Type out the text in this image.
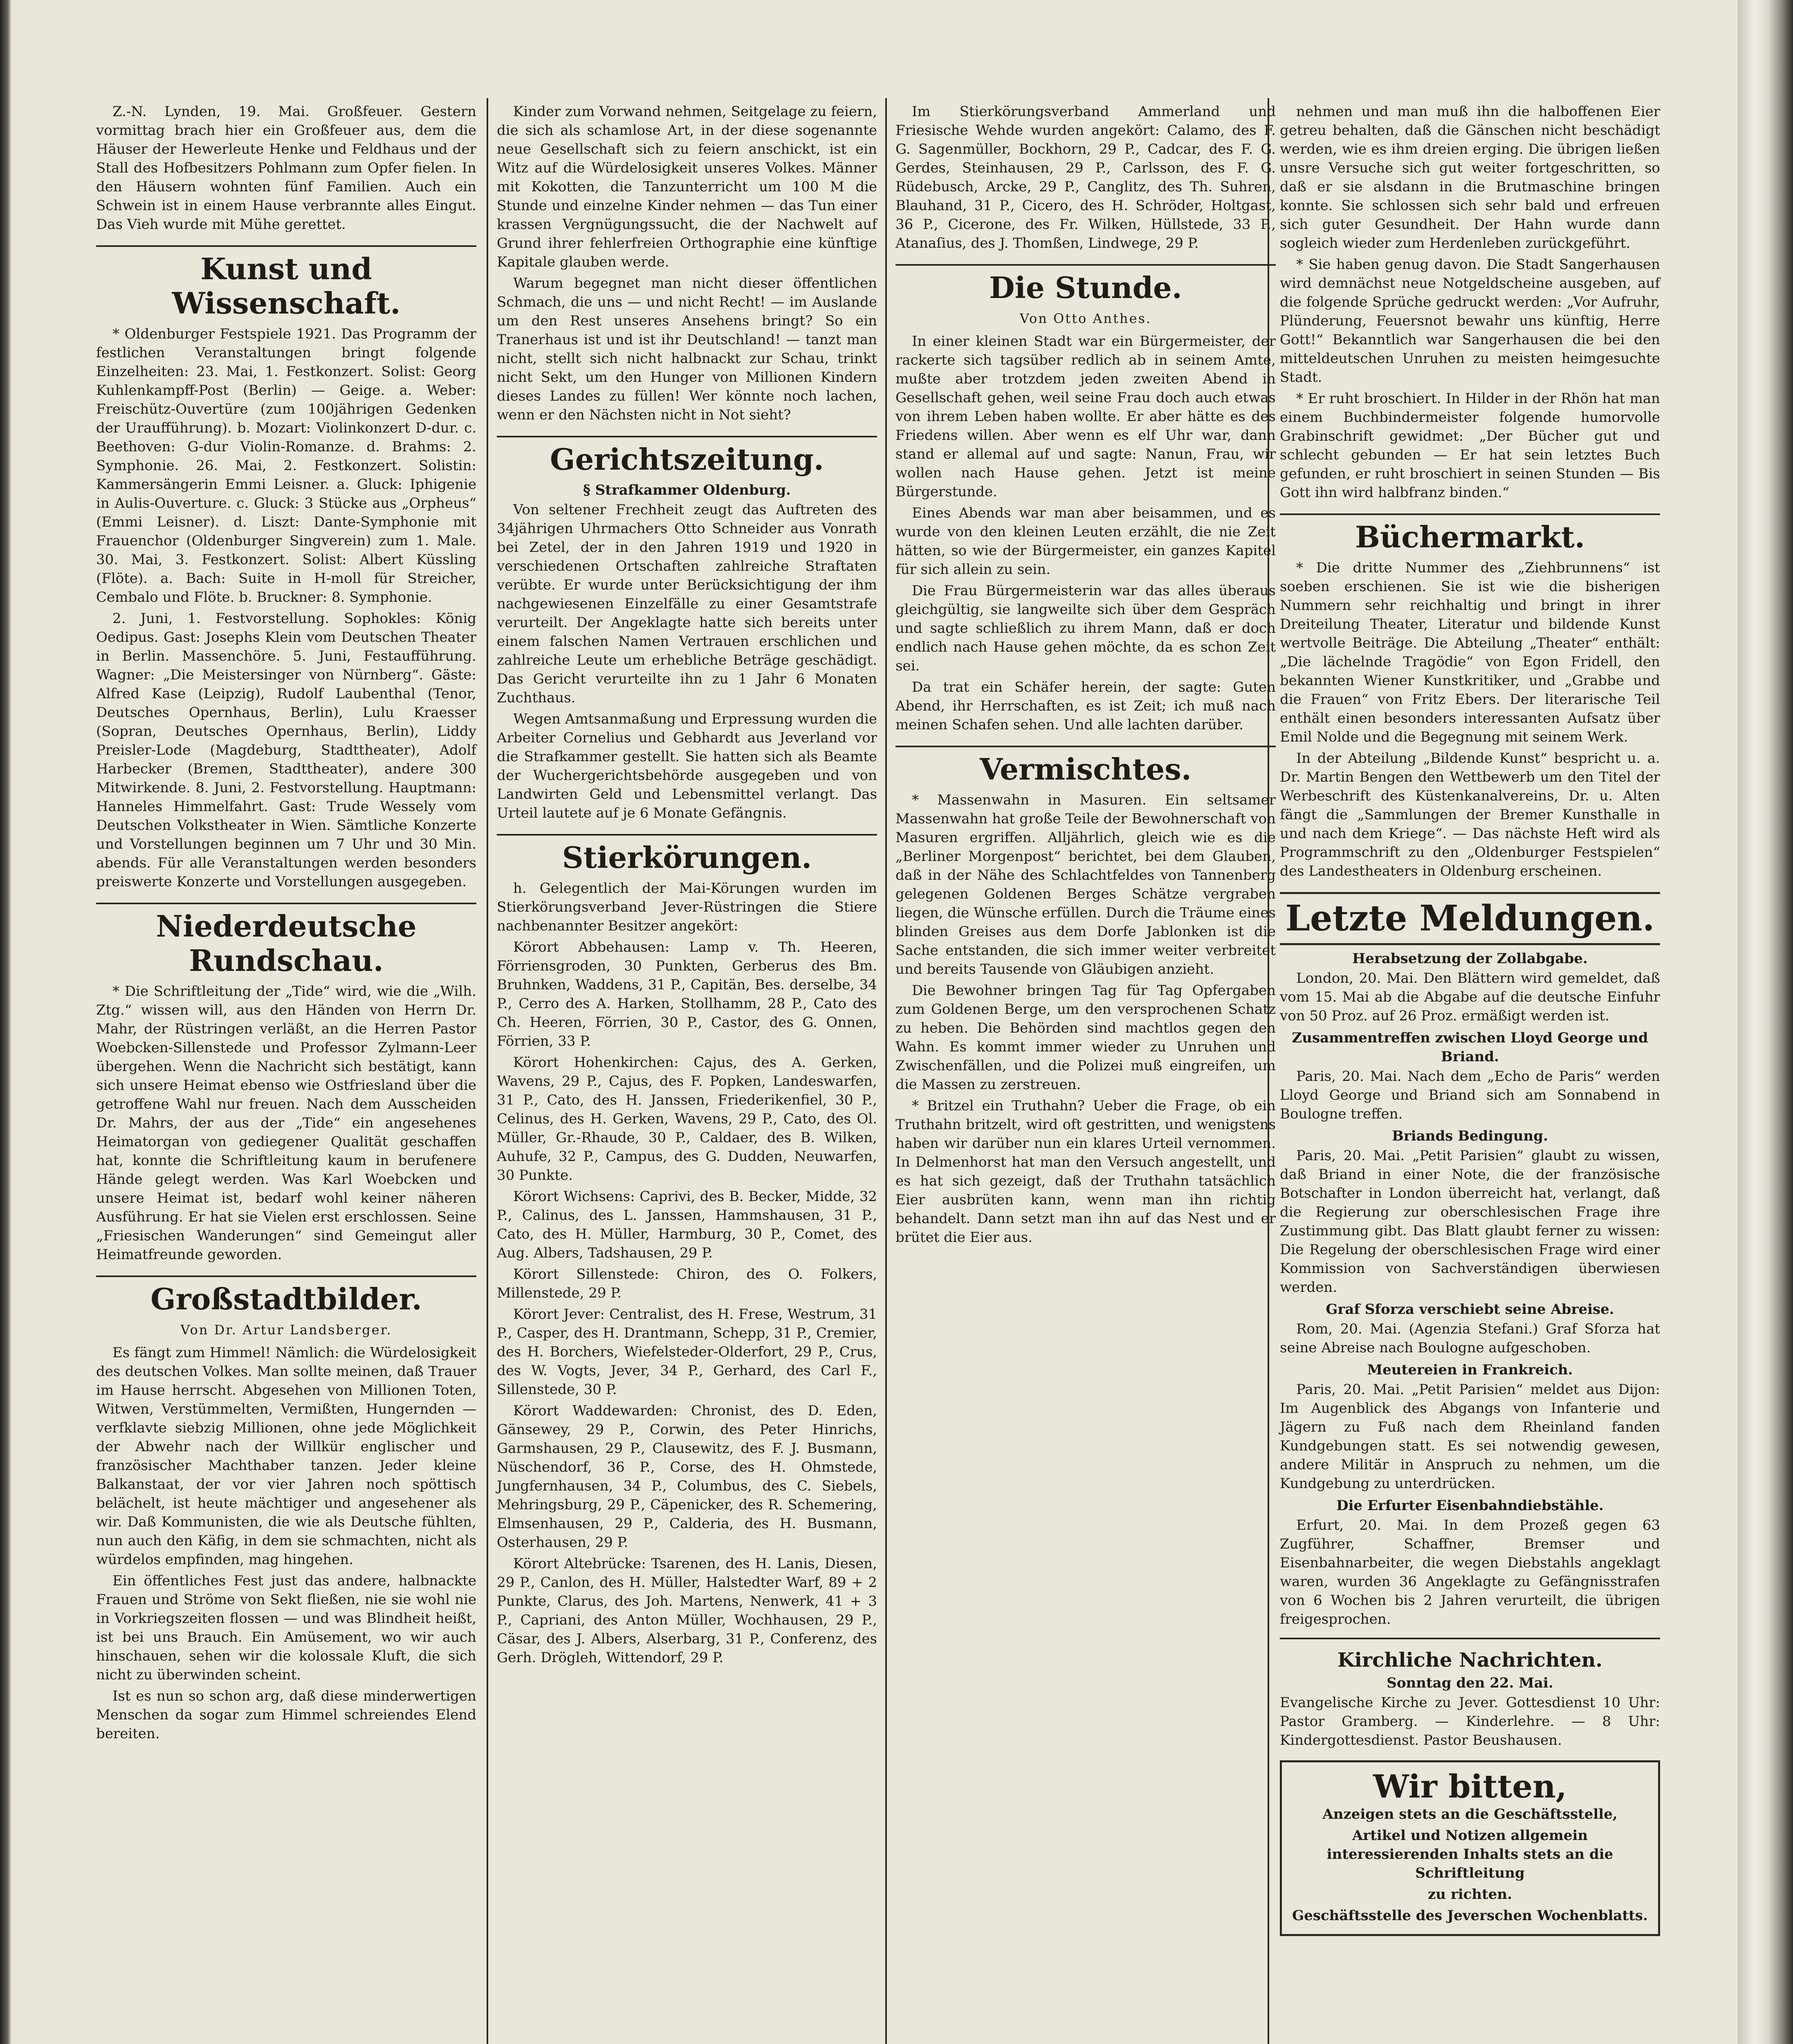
Z.-N. Lynden, 19. Mai. Großfeuer. Gestern vormittag brach hier ein Großfeuer aus, dem die Häuser der Hewerleute Henke und Feldhaus und der Stall des Hofbesitzers Pohlmann zum Opfer fielen. In den Häusern wohnten fünf Familien. Auch ein Schwein ist in einem Hause verbrannte alles Eingut. Das Vieh wurde mit Mühe gerettet.

Kunst und Wissenschaft.

* Oldenburger Festspiele 1921. Das Programm der festlichen Veranstaltungen bringt folgende Einzelheiten: 23. Mai, 1. Festkonzert. Solist: Georg Kuhlenkampff-Post (Berlin) — Geige. a. Weber: Freischütz-Ouvertüre (zum 100jährigen Gedenken der Uraufführung). b. Mozart: Violinkonzert D-dur. c. Beethoven: G-dur Violin-Romanze. d. Brahms: 2. Symphonie. 26. Mai, 2. Festkonzert. Solistin: Kammersängerin Emmi Leisner. a. Gluck: Iphigenie in Aulis-Ouverture. c. Gluck: 3 Stücke aus „Orpheus“ (Emmi Leisner). d. Liszt: Dante-Symphonie mit Frauenchor (Oldenburger Singverein) zum 1. Male. 30. Mai, 3. Festkonzert. Solist: Albert Küssling (Flöte). a. Bach: Suite in H-moll für Streicher, Cembalo und Flöte. b. Bruckner: 8. Symphonie.

2. Juni, 1. Festvorstellung. Sophokles: König Oedipus. Gast: Josephs Klein vom Deutschen Theater in Berlin. Massenchöre. 5. Juni, Festaufführung. Wagner: „Die Meistersinger von Nürnberg“. Gäste: Alfred Kase (Leipzig), Rudolf Laubenthal (Tenor, Deutsches Opernhaus, Berlin), Lulu Kraesser (Sopran, Deutsches Opernhaus, Berlin), Liddy Preisler-Lode (Magdeburg, Stadttheater), Adolf Harbecker (Bremen, Stadttheater), andere 300 Mitwirkende. 8. Juni, 2. Festvorstellung. Hauptmann: Hanneles Himmelfahrt. Gast: Trude Wessely vom Deutschen Volkstheater in Wien. Sämtliche Konzerte und Vorstellungen beginnen um 7 Uhr und 30 Min. abends. Für alle Veranstaltungen werden besonders preiswerte Konzerte und Vorstellungen ausgegeben.

Niederdeutsche Rundschau.

* Die Schriftleitung der „Tide“ wird, wie die „Wilh. Ztg.“ wissen will, aus den Händen von Herrn Dr. Mahr, der Rüstringen verläßt, an die Herren Pastor Woebcken-Sillenstede und Professor Zylmann-Leer übergehen. Wenn die Nachricht sich bestätigt, kann sich unsere Heimat ebenso wie Ostfriesland über die getroffene Wahl nur freuen. Nach dem Ausscheiden Dr. Mahrs, der aus der „Tide“ ein angesehenes Heimatorgan von gediegener Qualität geschaffen hat, konnte die Schriftleitung kaum in berufenere Hände gelegt werden. Was Karl Woebcken und unsere Heimat ist, bedarf wohl keiner näheren Ausführung. Er hat sie Vielen erst erschlossen. Seine „Friesischen Wanderungen“ sind Gemeingut aller Heimatfreunde geworden.

Großstadtbilder.
Von Dr. Artur Landsberger.

Es fängt zum Himmel! Nämlich: die Würdelosigkeit des deutschen Volkes. Man sollte meinen, daß Trauer im Hause herrscht. Abgesehen von Millionen Toten, Witwen, Verstümmelten, Vermißten, Hungernden — verfklavte siebzig Millionen, ohne jede Möglichkeit der Abwehr nach der Willkür englischer und französischer Machthaber tanzen. Jeder kleine Balkanstaat, der vor vier Jahren noch spöttisch belächelt, ist heute mächtiger und angesehener als wir. Daß Kommunisten, die wie als Deutsche fühlten, nun auch den Käfig, in dem sie schmachten, nicht als würdelos empfinden, mag hingehen.

Ein öffentliches Fest just das andere, halbnackte Frauen und Ströme von Sekt fließen, nie sie wohl nie in Vorkriegszeiten flossen — und was Blindheit heißt, ist bei uns Brauch. Ein Amüsement, wo wir auch hinschauen, sehen wir die kolossale Kluft, die sich nicht zu überwinden scheint.

Ist es nun so schon arg, daß diese minderwertigen Menschen da sogar zum Himmel schreiendes Elend bereiten.

Kinder zum Vorwand nehmen, Seitgelage zu feiern, die sich als schamlose Art, in der diese sogenannte neue Gesellschaft sich zu feiern anschickt, ist ein Witz auf die Würdelosigkeit unseres Volkes. Männer mit Kokotten, die Tanzunterricht um 100 M die Stunde und einzelne Kinder nehmen — das Tun einer krassen Vergnügungssucht, die der Nachwelt auf Grund ihrer fehlerfreien Orthographie eine künftige Kapitale glauben werde.

Warum begegnet man nicht dieser öffentlichen Schmach, die uns — und nicht Recht! — im Auslande um den Rest unseres Ansehens bringt? So ein Tranerhaus ist und ist ihr Deutschland! — tanzt man nicht, stellt sich nicht halbnackt zur Schau, trinkt nicht Sekt, um den Hunger von Millionen Kindern dieses Landes zu füllen! Wer könnte noch lachen, wenn er den Nächsten nicht in Not sieht?

Gerichtszeitung.
§ Strafkammer Oldenburg.

Von seltener Frechheit zeugt das Auftreten des 34jährigen Uhrmachers Otto Schneider aus Vonrath bei Zetel, der in den Jahren 1919 und 1920 in verschiedenen Ortschaften zahlreiche Straftaten verübte. Er wurde unter Berücksichtigung der ihm nachgewiesenen Einzelfälle zu einer Gesamtstrafe verurteilt. Der Angeklagte hatte sich bereits unter einem falschen Namen Vertrauen erschlichen und zahlreiche Leute um erhebliche Beträge geschädigt. Das Gericht verurteilte ihn zu 1 Jahr 6 Monaten Zuchthaus.

Wegen Amtsanmaßung und Erpressung wurden die Arbeiter Cornelius und Gebhardt aus Jeverland vor die Strafkammer gestellt. Sie hatten sich als Beamte der Wuchergerichtsbehörde ausgegeben und von Landwirten Geld und Lebensmittel verlangt. Das Urteil lautete auf je 6 Monate Gefängnis.

Stierkörungen.

h. Gelegentlich der Mai-Körungen wurden im Stierkörungsverband Jever-Rüstringen die Stiere nachbenannter Besitzer angekört:

Körort Abbehausen: Lamp v. Th. Heeren, Förriensgroden, 30 Punkten, Gerberus des Bm. Bruhnken, Waddens, 31 P., Capitän, Bes. derselbe, 34 P., Cerro des A. Harken, Stollhamm, 28 P., Cato des Ch. Heeren, Förrien, 30 P., Castor, des G. Onnen, Förrien, 33 P.

Körort Hohenkirchen: Cajus, des A. Gerken, Wavens, 29 P., Cajus, des F. Popken, Landeswarfen, 31 P., Cato, des H. Janssen, Friederikenfiel, 30 P., Celinus, des H. Gerken, Wavens, 29 P., Cato, des Ol. Müller, Gr.-Rhaude, 30 P., Caldaer, des B. Wilken, Auhufe, 32 P., Campus, des G. Dudden, Neuwarfen, 30 Punkte.

Körort Wichsens: Caprivi, des B. Becker, Midde, 32 P., Calinus, des L. Janssen, Hammshausen, 31 P., Cato, des H. Müller, Harmburg, 30 P., Comet, des Aug. Albers, Tadshausen, 29 P.

Körort Sillenstede: Chiron, des O. Folkers, Millenstede, 29 P.

Körort Jever: Centralist, des H. Frese, Westrum, 31 P., Casper, des H. Drantmann, Schepp, 31 P., Cremier, des H. Borchers, Wiefelsteder-Olderfort, 29 P., Crus, des W. Vogts, Jever, 34 P., Gerhard, des Carl F., Sillenstede, 30 P.

Körort Waddewarden: Chronist, des D. Eden, Gänsewey, 29 P., Corwin, des Peter Hinrichs, Garmshausen, 29 P., Clausewitz, des F. J. Busmann, Nüschendorf, 36 P., Corse, des H. Ohmstede, Jungfernhausen, 34 P., Columbus, des C. Siebels, Mehringsburg, 29 P., Cäpenicker, des R. Schemering, Elmsenhausen, 29 P., Calderia, des H. Busmann, Osterhausen, 29 P.

Körort Altebrücke: Tsarenen, des H. Lanis, Diesen, 29 P., Canlon, des H. Müller, Halstedter Warf, 89 + 2 Punkte, Clarus, des Joh. Martens, Nenwerk, 41 + 3 P., Capriani, des Anton Müller, Wochhausen, 29 P., Cäsar, des J. Albers, Alserbarg, 31 P., Conferenz, des Gerh. Drögleh, Wittendorf, 29 P.

Im Stierkörungsverband Ammerland und Friesische Wehde wurden angekört: Calamo, des F. G. Sagenmüller, Bockhorn, 29 P., Cadcar, des F. G. Gerdes, Steinhausen, 29 P., Carlsson, des F. G. Rüdebusch, Arcke, 29 P., Canglitz, des Th. Suhren, Blauhand, 31 P., Cicero, des H. Schröder, Holtgast, 36 P., Cicerone, des Fr. Wilken, Hüllstede, 33 P., Atanaſius, des J. Thomßen, Lindwege, 29 P.

Die Stunde.
Von Otto Anthes.

In einer kleinen Stadt war ein Bürgermeister, der rackerte sich tagsüber redlich ab in seinem Amte, mußte aber trotzdem jeden zweiten Abend in Gesellschaft gehen, weil seine Frau doch auch etwas von ihrem Leben haben wollte. Er aber hätte es des Friedens willen. Aber wenn es elf Uhr war, dann stand er allemal auf und sagte: Nanun, Frau, wir wollen nach Hause gehen. Jetzt ist meine Bürgerstunde.

Eines Abends war man aber beisammen, und es wurde von den kleinen Leuten erzählt, die nie Zeit hätten, so wie der Bürgermeister, ein ganzes Kapitel für sich allein zu sein.

Die Frau Bürgermeisterin war das alles überaus gleichgültig, sie langweilte sich über dem Gespräch und sagte schließlich zu ihrem Mann, daß er doch endlich nach Hause gehen möchte, da es schon Zeit sei.

Da trat ein Schäfer herein, der sagte: Guten Abend, ihr Herrschaften, es ist Zeit; ich muß nach meinen Schafen sehen. Und alle lachten darüber.

Vermischtes.

* Massenwahn in Masuren. Ein seltsamer Massenwahn hat große Teile der Bewohnerschaft von Masuren ergriffen. Alljährlich, gleich wie es die „Berliner Morgenpost“ berichtet, bei dem Glauben, daß in der Nähe des Schlachtfeldes von Tannenberg gelegenen Goldenen Berges Schätze vergraben liegen, die Wünsche erfüllen. Durch die Träume eines blinden Greises aus dem Dorfe Jablonken ist die Sache entstanden, die sich immer weiter verbreitet und bereits Tausende von Gläubigen anzieht.

Die Bewohner bringen Tag für Tag Opfergaben zum Goldenen Berge, um den versprochenen Schatz zu heben. Die Behörden sind machtlos gegen den Wahn. Es kommt immer wieder zu Unruhen und Zwischenfällen, und die Polizei muß eingreifen, um die Massen zu zerstreuen.

* Britzel ein Truthahn? Ueber die Frage, ob ein Truthahn britzelt, wird oft gestritten, und wenigstens haben wir darüber nun ein klares Urteil vernommen. In Delmenhorst hat man den Versuch angestellt, und es hat sich gezeigt, daß der Truthahn tatsächlich Eier ausbrüten kann, wenn man ihn richtig behandelt. Dann setzt man ihn auf das Nest und er brütet die Eier aus.

nehmen und man muß ihn die halboffenen Eier getreu behalten, daß die Gänschen nicht beschädigt werden, wie es ihm dreien erging. Die übrigen ließen unsre Versuche sich gut weiter fortgeschritten, so daß er sie alsdann in die Brutmaschine bringen konnte. Sie schlossen sich sehr bald und erfreuen sich guter Gesundheit. Der Hahn wurde dann sogleich wieder zum Herdenleben zurückgeführt.

* Sie haben genug davon. Die Stadt Sangerhausen wird demnächst neue Notgeldscheine ausgeben, auf die folgende Sprüche gedruckt werden: „Vor Aufruhr, Plünderung, Feuersnot bewahr uns künftig, Herre Gott!“ Bekanntlich war Sangerhausen die bei den mitteldeutschen Unruhen zu meisten heimgesuchte Stadt.

* Er ruht broschiert. In Hilder in der Rhön hat man einem Buchbindermeister folgende humorvolle Grabinschrift gewidmet: „Der Bücher gut und schlecht gebunden — Er hat sein letztes Buch gefunden, er ruht broschiert in seinen Stunden — Bis Gott ihn wird halbfranz binden.“

Büchermarkt.

* Die dritte Nummer des „Ziehbrunnens“ ist soeben erschienen. Sie ist wie die bisherigen Nummern sehr reichhaltig und bringt in ihrer Dreiteilung Theater, Literatur und bildende Kunst wertvolle Beiträge. Die Abteilung „Theater“ enthält: „Die lächelnde Tragödie“ von Egon Fridell, den bekannten Wiener Kunstkritiker, und „Grabbe und die Frauen“ von Fritz Ebers. Der literarische Teil enthält einen besonders interessanten Aufsatz über Emil Nolde und die Begegnung mit seinem Werk.

In der Abteilung „Bildende Kunst“ bespricht u. a. Dr. Martin Bengen den Wettbewerb um den Titel der Werbeschrift des Küstenkanalvereins, Dr. u. Alten fängt die „Sammlungen der Bremer Kunsthalle in und nach dem Kriege“. — Das nächste Heft wird als Programmschrift zu den „Oldenburger Festspielen“ des Landestheaters in Oldenburg erscheinen.

Letzte Meldungen.
Herabsetzung der Zollabgabe.

London, 20. Mai. Den Blättern wird gemeldet, daß vom 15. Mai ab die Abgabe auf die deutsche Einfuhr von 50 Proz. auf 26 Proz. ermäßigt werden ist.

Zusammentreffen zwischen Lloyd George und Briand.

Paris, 20. Mai. Nach dem „Echo de Paris“ werden Lloyd George und Briand sich am Sonnabend in Boulogne treffen.

Briands Bedingung.

Paris, 20. Mai. „Petit Parisien“ glaubt zu wissen, daß Briand in einer Note, die der französische Botschafter in London überreicht hat, verlangt, daß die Regierung zur oberschlesischen Frage ihre Zustimmung gibt. Das Blatt glaubt ferner zu wissen: Die Regelung der oberschlesischen Frage wird einer Kommission von Sachverständigen überwiesen werden.

Graf Sforza verschiebt seine Abreise.

Rom, 20. Mai. (Agenzia Stefani.) Graf Sforza hat seine Abreise nach Boulogne aufgeschoben.

Meutereien in Frankreich.

Paris, 20. Mai. „Petit Parisien“ meldet aus Dijon: Im Augenblick des Abgangs von Infanterie und Jägern zu Fuß nach dem Rheinland fanden Kundgebungen statt. Es sei notwendig gewesen, andere Militär in Anspruch zu nehmen, um die Kundgebung zu unterdrücken.

Die Erfurter Eisenbahndiebstähle.

Erfurt, 20. Mai. In dem Prozeß gegen 63 Zugführer, Schaffner, Bremser und Eisenbahnarbeiter, die wegen Diebstahls angeklagt waren, wurden 36 Angeklagte zu Gefängnisstrafen von 6 Wochen bis 2 Jahren verurteilt, die übrigen freigesprochen.

Kirchliche Nachrichten.
Sonntag den 22. Mai.

Evangelische Kirche zu Jever. Gottesdienst 10 Uhr: Pastor Gramberg. — Kinderlehre. — 8 Uhr: Kindergottesdienst. Pastor Beushausen.

Wir bitten,

Anzeigen stets an die Geschäftsstelle,

Artikel und Notizen allgemein interessierenden Inhalts stets an die Schriftleitung

zu richten.

Geschäftsstelle des Jeverschen Wochenblatts.
